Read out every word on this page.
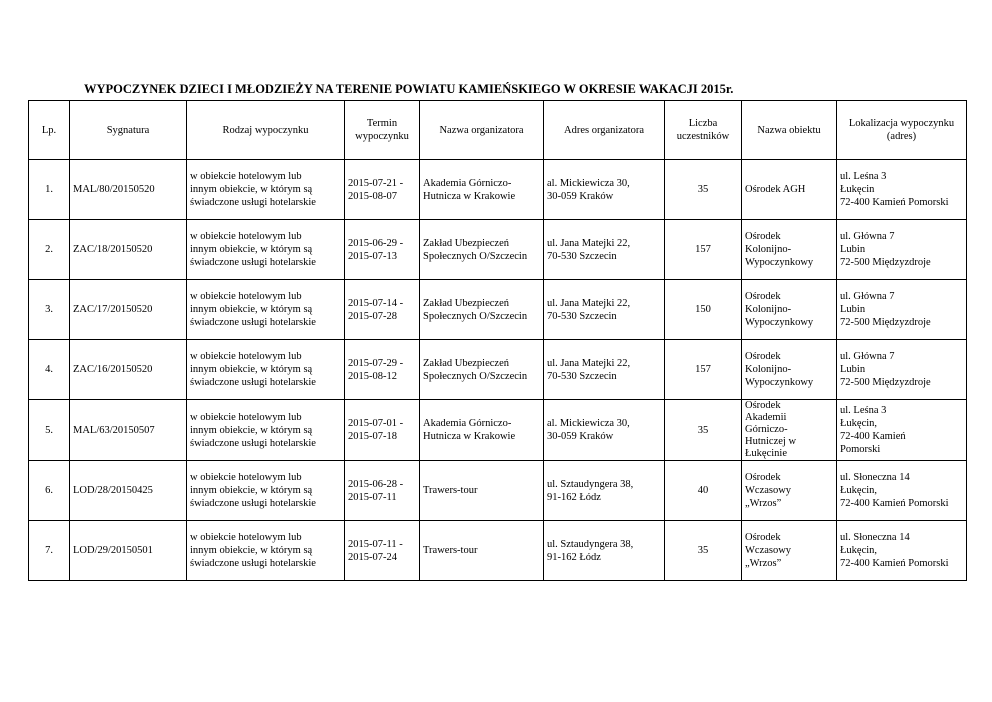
WYPOCZYNEK DZIECI I MŁODZIEŻY NA TERENIE POWIATU KAMIEŃSKIEGO W OKRESIE WAKACJI 2015r.
Lp.	Sygnatura	Rodzaj wypoczynku	Termin
wypoczynku	Nazwa organizatora	Adres organizatora	Liczba
uczestników	Nazwa obiektu	Lokalizacja wypoczynku
(adres)
1.	MAL/80/20150520	w obiekcie hotelowym lub
innym obiekcie, w którym są
świadczone usługi hotelarskie	2015-07-21 -
2015-08-07	Akademia Górniczo-
Hutnicza w Krakowie	al. Mickiewicza 30,
30-059 Kraków	35	Ośrodek AGH	ul. Leśna 3
Łukęcin
72-400 Kamień Pomorski
2.	ZAC/18/20150520	w obiekcie hotelowym lub
innym obiekcie, w którym są
świadczone usługi hotelarskie	2015-06-29 -
2015-07-13	Zakład Ubezpieczeń
Społecznych O/Szczecin	ul. Jana Matejki 22,
70-530 Szczecin	157	Ośrodek
Kolonijno-
Wypoczynkowy	ul. Główna 7
Lubin
72-500 Międzyzdroje
3.	ZAC/17/20150520	w obiekcie hotelowym lub
innym obiekcie, w którym są
świadczone usługi hotelarskie	2015-07-14 -
2015-07-28	Zakład Ubezpieczeń
Społecznych O/Szczecin	ul. Jana Matejki 22,
70-530 Szczecin	150	Ośrodek
Kolonijno-
Wypoczynkowy	ul. Główna 7
Lubin
72-500 Międzyzdroje
4.	ZAC/16/20150520	w obiekcie hotelowym lub
innym obiekcie, w którym są
świadczone usługi hotelarskie	2015-07-29 -
2015-08-12	Zakład Ubezpieczeń
Społecznych O/Szczecin	ul. Jana Matejki 22,
70-530 Szczecin	157	Ośrodek
Kolonijno-
Wypoczynkowy	ul. Główna 7
Lubin
72-500 Międzyzdroje
5.	MAL/63/20150507	w obiekcie hotelowym lub
innym obiekcie, w którym są
świadczone usługi hotelarskie	2015-07-01 -
2015-07-18	Akademia Górniczo-
Hutnicza w Krakowie	al. Mickiewicza 30,
30-059 Kraków	35	Ośrodek
Akademii
Górniczo-
Hutniczej w
Łukęcinie	ul. Leśna 3
Łukęcin,
72-400 Kamień
Pomorski
6.	LOD/28/20150425	w obiekcie hotelowym lub
innym obiekcie, w którym są
świadczone usługi hotelarskie	2015-06-28 -
2015-07-11	Trawers-tour	ul. Sztaudyngera 38,
91-162 Łódz	40	Ośrodek
Wczasowy
„Wrzos”	ul. Słoneczna 14
Łukęcin,
72-400 Kamień Pomorski
7.	LOD/29/20150501	w obiekcie hotelowym lub
innym obiekcie, w którym są
świadczone usługi hotelarskie	2015-07-11 -
2015-07-24	Trawers-tour	ul. Sztaudyngera 38,
91-162 Łódz	35	Ośrodek
Wczasowy
„Wrzos”	ul. Słoneczna 14
Łukęcin,
72-400 Kamień Pomorski
